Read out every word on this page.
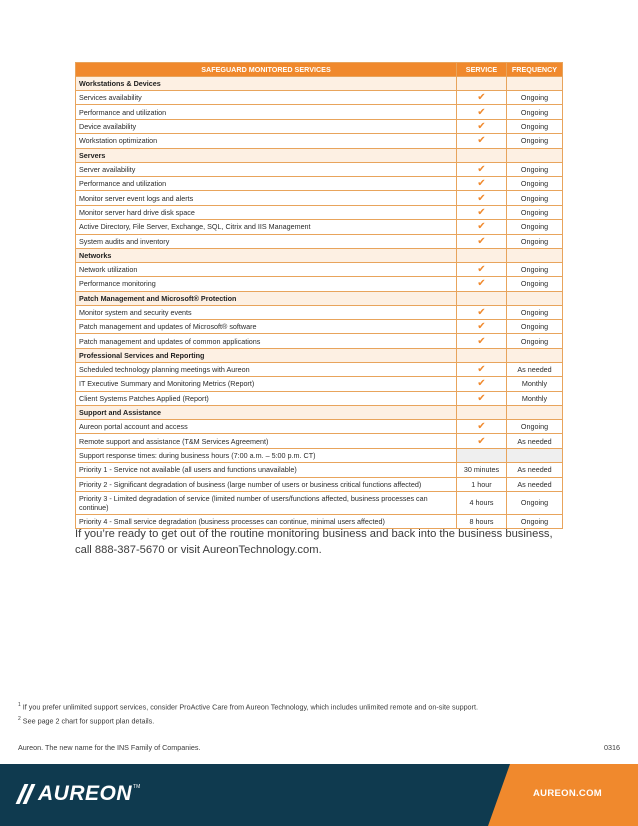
SAFEGUARD MONITORED SERVICES	SERVICE	FREQUENCY
Workstations & Devices		
Services availability	✔	Ongoing
Performance and utilization	✔	Ongoing
Device availability	✔	Ongoing
Workstation optimization	✔	Ongoing
Servers		
Server availability	✔	Ongoing
Performance and utilization	✔	Ongoing
Monitor server event logs and alerts	✔	Ongoing
Monitor server hard drive disk space	✔	Ongoing
Active Directory, File Server, Exchange, SQL, Citrix and IIS Management	✔	Ongoing
System audits and inventory	✔	Ongoing
Networks		
Network utilization	✔	Ongoing
Performance monitoring	✔	Ongoing
Patch Management and Microsoft® Protection		
Monitor system and security events	✔	Ongoing
Patch management and updates of Microsoft® software	✔	Ongoing
Patch management and updates of common applications	✔	Ongoing
Professional Services and Reporting		
Scheduled technology planning meetings with Aureon	✔	As needed
IT Executive Summary and Monitoring Metrics (Report)	✔	Monthly
Client Systems Patches Applied (Report)	✔	Monthly
Support and Assistance		
Aureon portal account and access	✔	Ongoing
Remote support and assistance (T&M Services Agreement)	✔	As needed
Support response times: during business hours (7:00 a.m. – 5:00 p.m. CT)		
Priority 1 - Service not available (all users and functions unavailable)	30 minutes	As needed
Priority 2 - Significant degradation of business (large number of users or business critical functions affected)	1 hour	As needed
Priority 3 - Limited degradation of service (limited number of users/functions affected, business processes can continue)	4 hours	Ongoing
Priority 4 - Small service degradation (business processes can continue, minimal users affected)	8 hours	Ongoing
If you’re ready to get out of the routine monitoring business and back into the business business, call 888-387-5670 or visit AureonTechnology.com.
$^1$ If you prefer unlimited support services, consider ProActive Care from Aureon Technology, which includes unlimited remote and on-site support.
$^2$ See page 2 chart for support plan details.
Aureon. The new name for the INS Family of Companies.	0316
AUREON TM
AUREON.COM
